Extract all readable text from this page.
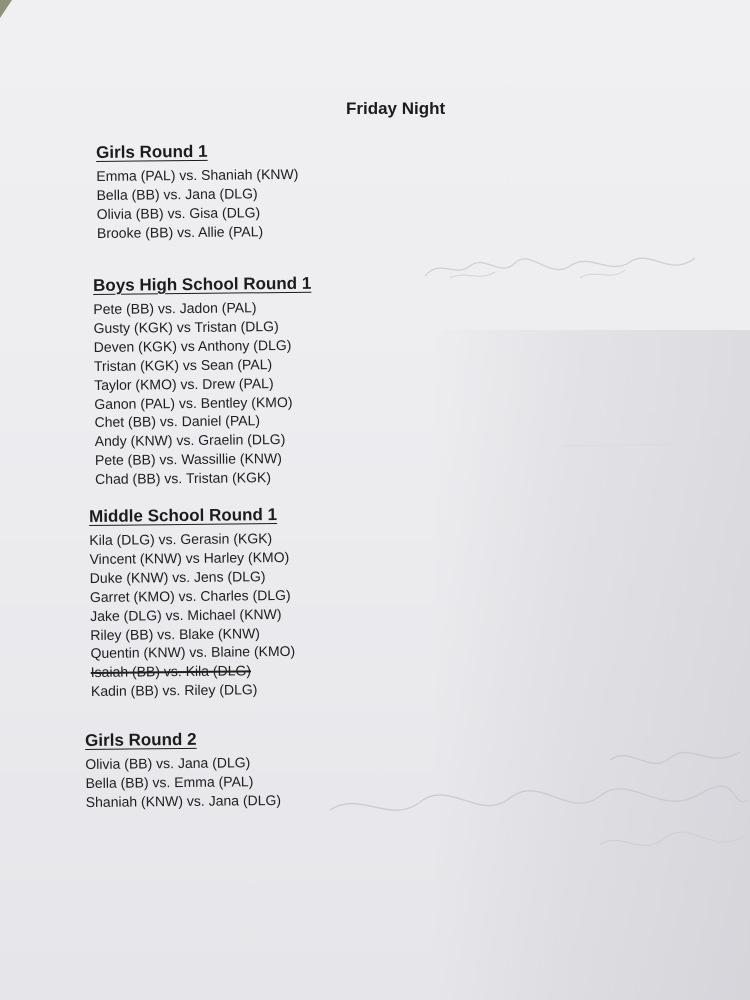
Friday Night
Girls Round 1
Emma (PAL) vs. Shaniah (KNW)
Bella (BB) vs. Jana (DLG)
Olivia (BB) vs. Gisa (DLG)
Brooke (BB) vs. Allie (PAL)
Boys High School Round 1
Pete (BB) vs. Jadon (PAL)
Gusty (KGK) vs Tristan (DLG)
Deven (KGK) vs Anthony (DLG)
Tristan (KGK) vs Sean (PAL)
Taylor (KMO) vs. Drew (PAL)
Ganon (PAL) vs. Bentley (KMO)
Chet (BB) vs. Daniel (PAL)
Andy (KNW) vs. Graelin (DLG)
Pete (BB) vs. Wassillie (KNW)
Chad (BB) vs. Tristan (KGK)
Middle School Round 1
Kila (DLG) vs. Gerasin (KGK)
Vincent (KNW) vs Harley (KMO)
Duke (KNW) vs. Jens (DLG)
Garret (KMO) vs. Charles (DLG)
Jake (DLG) vs. Michael (KNW)
Riley (BB) vs. Blake (KNW)
Quentin (KNW) vs. Blaine (KMO)
Isaiah (BB) vs. Kila (DLG)
Kadin (BB) vs. Riley (DLG)
Girls Round 2
Olivia (BB) vs. Jana (DLG)
Bella (BB) vs. Emma (PAL)
Shaniah (KNW) vs. Jana (DLG)
